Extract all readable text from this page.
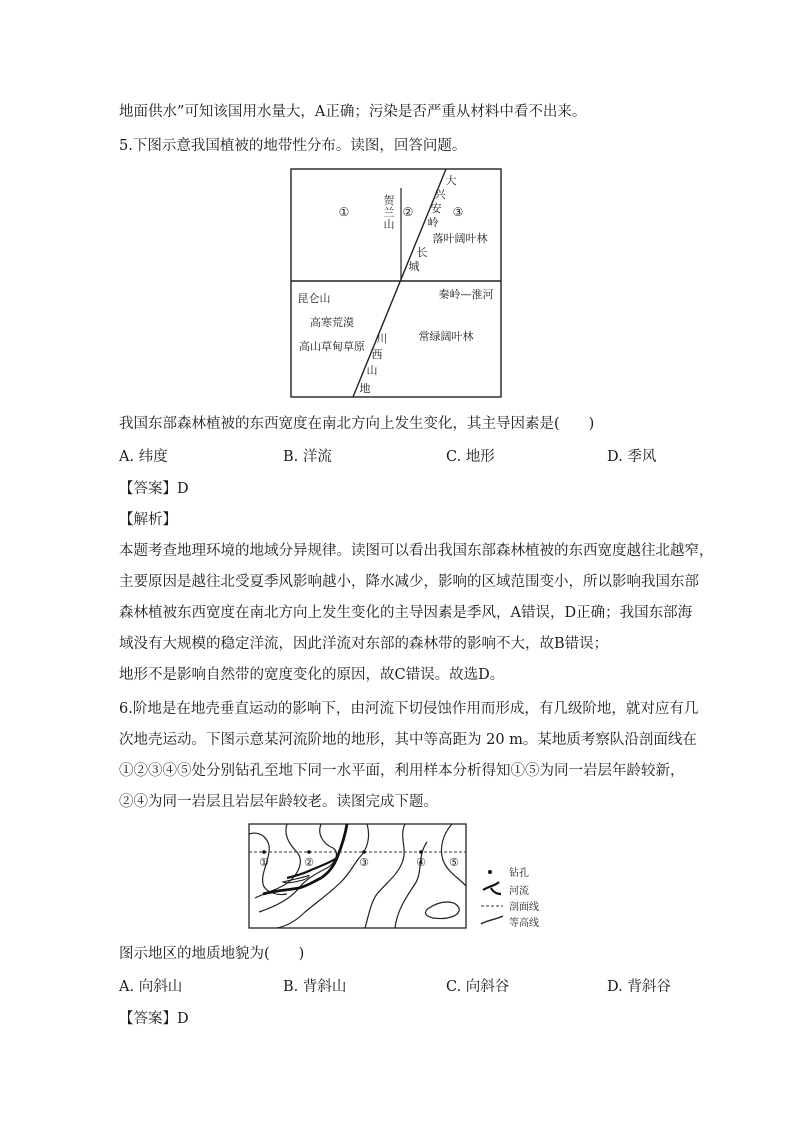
地面供水”可知该国用水量大，A正确；污染是否严重从材料中看不出来。
5.下图示意我国植被的地带性分布。读图，回答问题。
①	②	③
贺
兰
山
大
兴
安
岭
长
城
落叶阔叶林
昆仑山	秦岭—淮河
高寒荒漠
高山草甸草原
常绿阔叶林
川
西
山
地
我国东部森林植被的东西宽度在南北方向上发生变化，其主导因素是(　　)
A. 纬度	B. 洋流	C. 地形	D. 季风
【答案】D
【解析】
本题考查地理环境的地域分异规律。读图可以看出我国东部森林植被的东西宽度越往北越窄，
主要原因是越往北受夏季风影响越小，降水减少，影响的区域范围变小，所以影响我国东部
森林植被东西宽度在南北方向上发生变化的主导因素是季风，A错误，D正确；我国东部海
域没有大规模的稳定洋流，因此洋流对东部的森林带的影响不大，故B错误；
地形不是影响自然带的宽度变化的原因，故C错误。故选D。
6.阶地是在地壳垂直运动的影响下，由河流下切侵蚀作用而形成，有几级阶地，就对应有几
次地壳运动。下图示意某河流阶地的地形，其中等高距为 20 m。某地质考察队沿剖面线在
①②③④⑤处分别钻孔至地下同一水平面，利用样本分析得知①⑤为同一岩层年龄较新，
②④为同一岩层且岩层年龄较老。读图完成下题。
①	②	③	④ ⑤
钻孔
河流
剖面线
等高线
图示地区的地质地貌为(　　)
A. 向斜山	B. 背斜山	C. 向斜谷	D. 背斜谷
【答案】D
